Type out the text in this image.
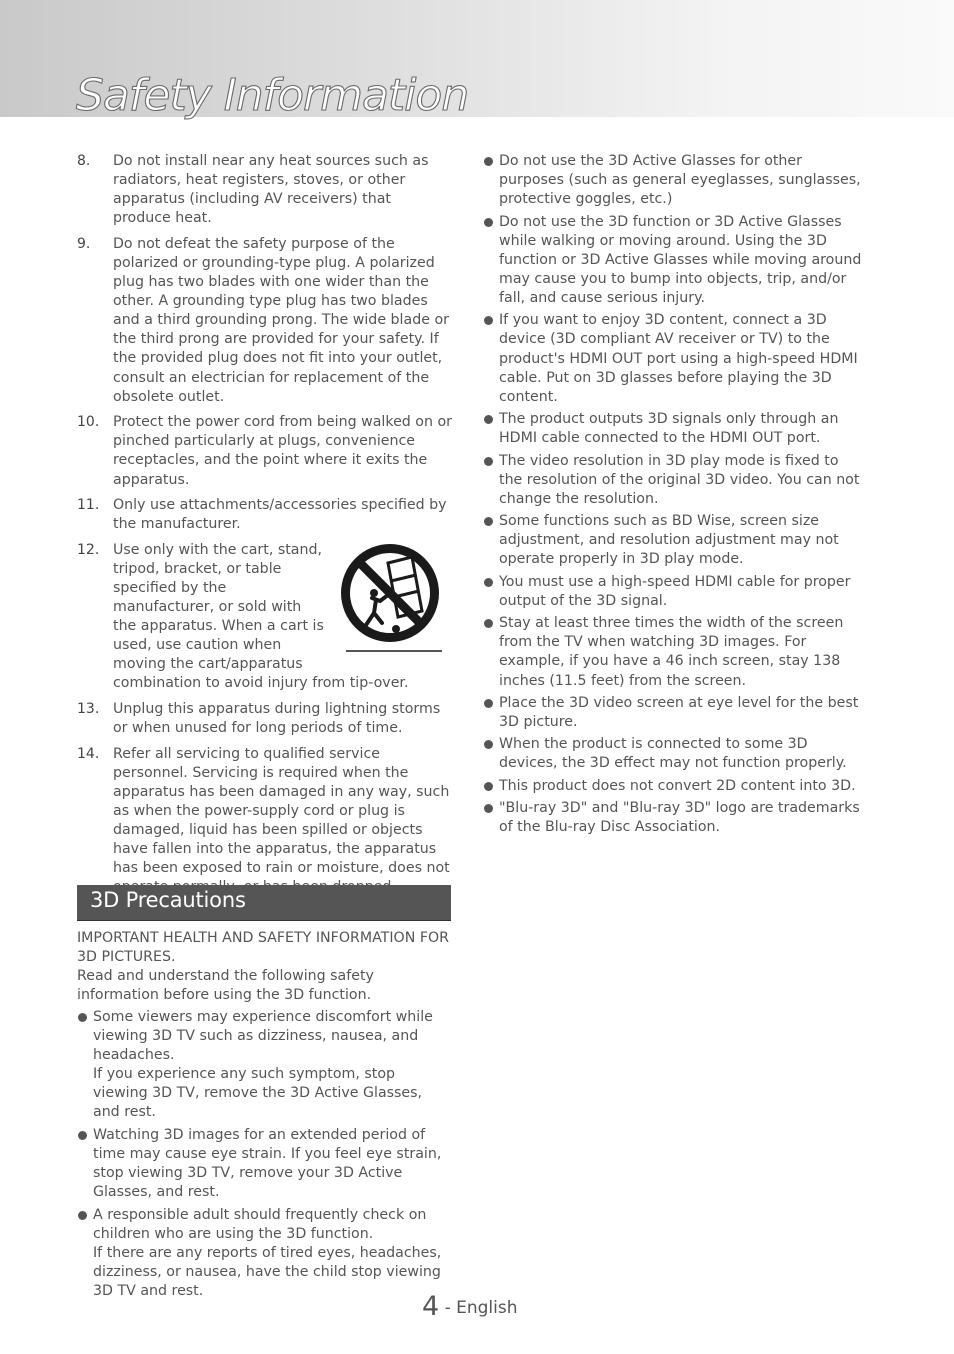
Safety Information
8. Do not install near any heat sources such as radiators, heat registers, stoves, or other apparatus (including AV receivers) that produce heat.
9. Do not defeat the safety purpose of the polarized or grounding-type plug. A polarized plug has two blades with one wider than the other. A grounding type plug has two blades and a third grounding prong. The wide blade or the third prong are provided for your safety. If the provided plug does not fit into your outlet, consult an electrician for replacement of the obsolete outlet.
10. Protect the power cord from being walked on or pinched particularly at plugs, convenience receptacles, and the point where it exits the apparatus.
11. Only use attachments/accessories specified by the manufacturer.
12. Use only with the cart, stand, tripod, bracket, or table specified by the manufacturer, or sold with the apparatus. When a cart is used, use caution when moving the cart/apparatus combination to avoid injury from tip-over.
13. Unplug this apparatus during lightning storms or when unused for long periods of time.
14. Refer all servicing to qualified service personnel. Servicing is required when the apparatus has been damaged in any way, such as when the power-supply cord or plug is damaged, liquid has been spilled or objects have fallen into the apparatus, the apparatus has been exposed to rain or moisture, does not
3D Precautions

IMPORTANT HEALTH AND SAFETY INFORMATION FOR 3D PICTURES.

Read and understand the following safety information before using the 3D function.

Some viewers may experience discomfort while viewing 3D TV such as dizziness, nausea, and headaches.
If you experience any such symptom, stop viewing 3D TV, remove the 3D Active Glasses, and rest.
Watching 3D images for an extended period of time may cause eye strain. If you feel eye strain, stop viewing 3D TV, remove your 3D Active Glasses, and rest.
A responsible adult should frequently check on children who are using the 3D function.
If there are any reports of tired eyes, headaches, dizziness, or nausea, have the child stop viewing 3D TV and rest.
Do not use the 3D Active Glasses for other purposes (such as general eyeglasses, sunglasses, protective goggles, etc.)
Do not use the 3D function or 3D Active Glasses while walking or moving around. Using the 3D function or 3D Active Glasses while moving around may cause you to bump into objects, trip, and/or fall, and cause serious injury.
If you want to enjoy 3D content, connect a 3D device (3D compliant AV receiver or TV) to the product's HDMI OUT port using a high-speed HDMI cable. Put on 3D glasses before playing the 3D content.
The product outputs 3D signals only through an HDMI cable connected to the HDMI OUT port.
The video resolution in 3D play mode is fixed to the resolution of the original 3D video. You can not change the resolution.
Some functions such as BD Wise, screen size adjustment, and resolution adjustment may not operate properly in 3D play mode.
You must use a high-speed HDMI cable for proper output of the 3D signal.
Stay at least three times the width of the screen from the TV when watching 3D images. For example, if you have a 46 inch screen, stay 138 inches (11.5 feet) from the screen.
Place the 3D video screen at eye level for the best 3D picture.
When the product is connected to some 3D devices, the 3D effect may not function properly.
This product does not convert 2D content into 3D.
"Blu-ray 3D" and "Blu-ray 3D" logo are trademarks of the Blu-ray Disc Association.
4 - English
